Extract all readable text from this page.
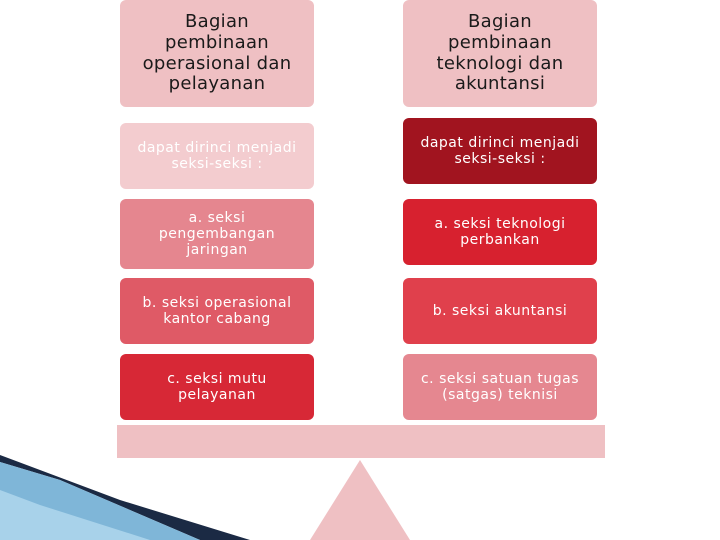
Bagian pembinaan operasional dan pelayanan
Bagian pembinaan teknologi dan akuntansi
dapat dirinci menjadi seksi-seksi :
dapat dirinci menjadi seksi-seksi :
a. seksi pengembangan jaringan
a. seksi teknologi perbankan
b. seksi operasional kantor cabang
b. seksi akuntansi
c. seksi mutu pelayanan
c. seksi satuan tugas (satgas) teknisi
